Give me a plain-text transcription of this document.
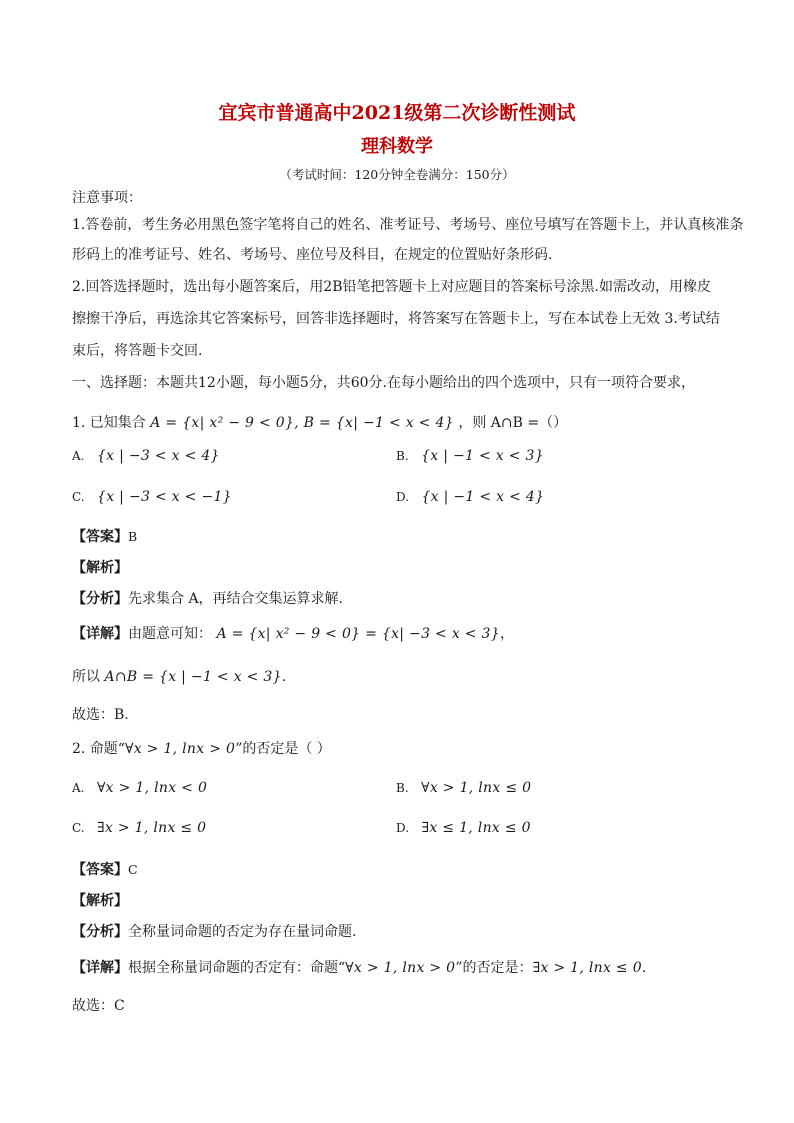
宜宾市普通高中2021级第二次诊断性测试
理科数学
（考试时间：120分钟全卷满分：150分）
注意事项：
1.答卷前，考生务必用黑色签字笔将自己的姓名、准考证号、考场号、座位号填写在答题卡上，并认真核准条
形码上的准考证号、姓名、考场号、座位号及科目，在规定的位置贴好条形码.
2.回答选择题时，选出每小题答案后，用2B铅笔把答题卡上对应题目的答案标号涂黑.如需改动，用橡皮
擦擦干净后，再选涂其它答案标号，回答非选择题时，将答案写在答题卡上，写在本试卷上无效 3.考试结
束后，将答题卡交回.
一、选择题：本题共12小题，每小题5分，共60分.在每小题给出的四个选项中，只有一项符合要求，
1. 已知集合 A = {x| x² − 9 < 0}, B = {x| −1 < x < 4} ，则 A∩B =（）
A. {x | −3 < x < 4}	B. {x | −1 < x < 3}
C. {x | −3 < x < −1}	D. {x | −1 < x < 4}
【答案】B
【解析】
【分析】先求集合 A，再结合交集运算求解.
【详解】由题意可知： A = {x| x² − 9 < 0} = {x| −3 < x < 3}，
所以 A∩B = {x | −1 < x < 3}.
故选：B.
2. 命题“∀x > 1, lnx > 0”的否定是（ ）
A. ∀x > 1, lnx < 0	B. ∀x > 1, lnx ≤ 0
C. ∃x > 1, lnx ≤ 0	D. ∃x ≤ 1, lnx ≤ 0
【答案】C
【解析】
【分析】全称量词命题的否定为存在量词命题.
【详解】根据全称量词命题的否定有：命题“∀x > 1, lnx > 0”的否定是：∃x > 1, lnx ≤ 0.
故选：C
